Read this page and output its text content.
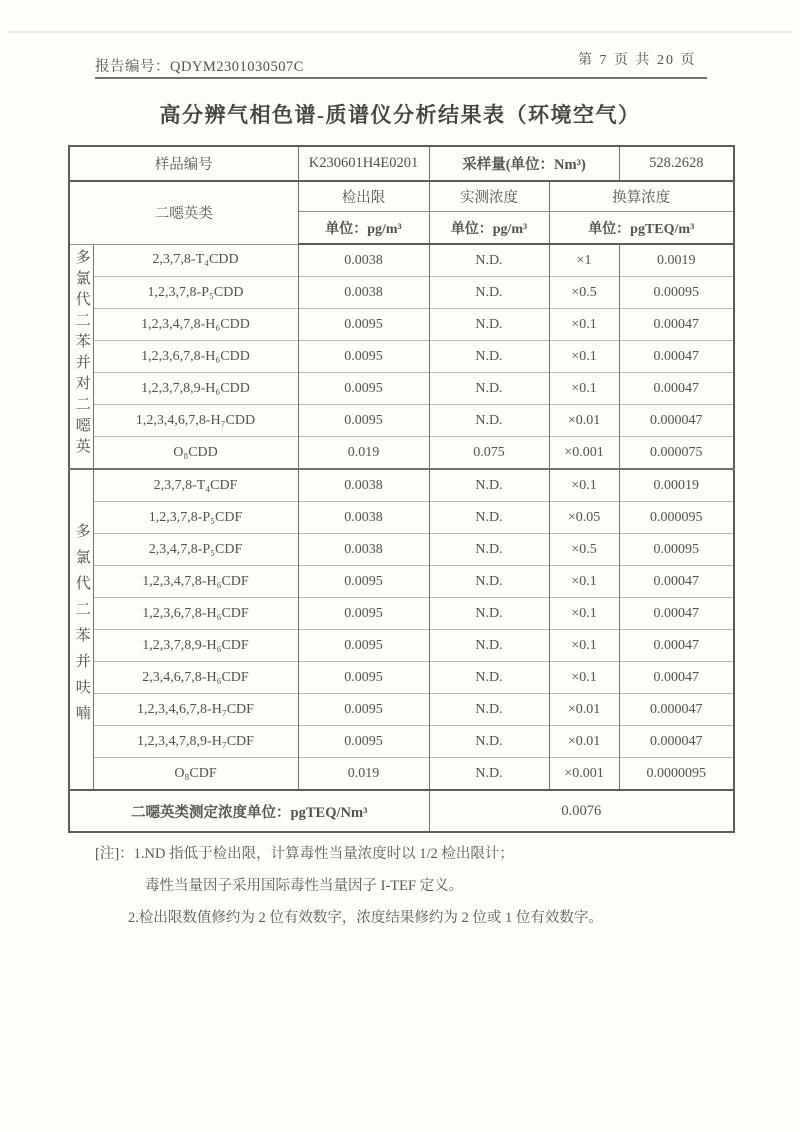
报告编号：QDYM2301030507C	第 7 页 共 20 页
高分辨气相色谱-质谱仪分析结果表（环境空气）
样品编号		K230601H4E0201	采样量(单位：Nm³)		528.2628
二噁英类		检出限	实测浓度	换算浓度	
		单位：pg/m³	单位：pg/m³	单位：pgTEQ/m³	
多氯代二苯并对二噁英	2,3,7,8-T₄CDD	0.0038	N.D.	×1	0.0019
	1,2,3,7,8-P₅CDD	0.0038	N.D.	×0.5	0.00095
	1,2,3,4,7,8-H₆CDD	0.0095	N.D.	×0.1	0.00047
	1,2,3,6,7,8-H₆CDD	0.0095	N.D.	×0.1	0.00047
	1,2,3,7,8,9-H₆CDD	0.0095	N.D.	×0.1	0.00047
	1,2,3,4,6,7,8-H₇CDD	0.0095	N.D.	×0.01	0.000047
	O₈CDD	0.019	0.075	×0.001	0.000075
多氯代二苯并呋喃	2,3,7,8-T₄CDF	0.0038	N.D.	×0.1	0.00019
	1,2,3,7,8-P₅CDF	0.0038	N.D.	×0.05	0.000095
	2,3,4,7,8-P₅CDF	0.0038	N.D.	×0.5	0.00095
	1,2,3,4,7,8-H₆CDF	0.0095	N.D.	×0.1	0.00047
	1,2,3,6,7,8-H₆CDF	0.0095	N.D.	×0.1	0.00047
	1,2,3,7,8,9-H₆CDF	0.0095	N.D.	×0.1	0.00047
	2,3,4,6,7,8-H₆CDF	0.0095	N.D.	×0.1	0.00047
	1,2,3,4,6,7,8-H₇CDF	0.0095	N.D.	×0.01	0.000047
	1,2,3,4,7,8,9-H₇CDF	0.0095	N.D.	×0.01	0.000047
	O₈CDF	0.019	N.D.	×0.001	0.0000095
二噁英类测定浓度单位：pgTEQ/Nm³			0.0076		
[注]：1.ND 指低于检出限，计算毒性当量浓度时以 1/2 检出限计；
毒性当量因子采用国际毒性当量因子 I-TEF 定义。
2.检出限数值修约为 2 位有效数字，浓度结果修约为 2 位或 1 位有效数字。
